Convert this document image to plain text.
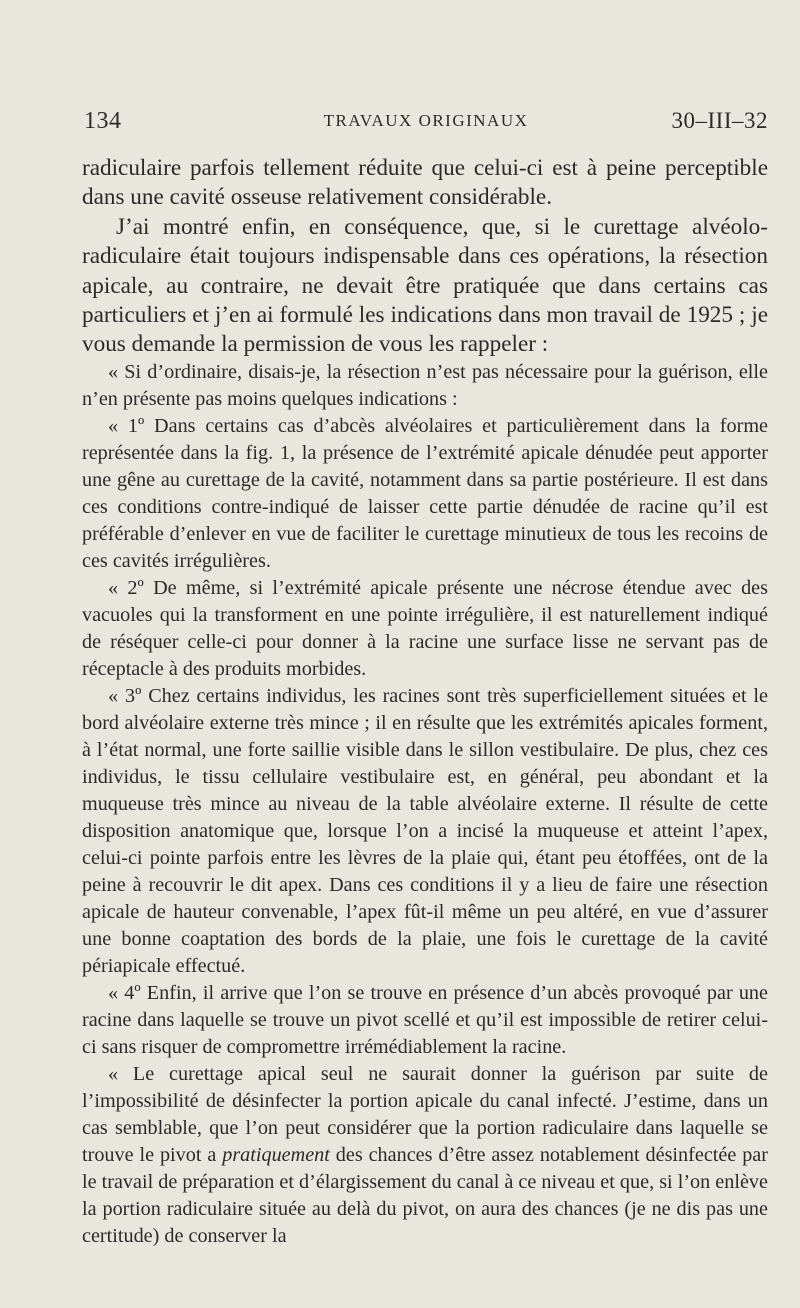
134	TRAVAUX ORIGINAUX	30–III–32

radiculaire parfois tellement réduite que celui-ci est à peine perceptible dans une cavité osseuse relativement considérable.

J’ai montré enfin, en conséquence, que, si le curettage alvéolo-radiculaire était toujours indispensable dans ces opérations, la résection apicale, au contraire, ne devait être pratiquée que dans certains cas particuliers et j’en ai formulé les indications dans mon travail de 1925 ; je vous demande la permission de vous les rappeler :

« Si d’ordinaire, disais-je, la résection n’est pas nécessaire pour la guérison, elle n’en présente pas moins quelques indications :

« 1º Dans certains cas d’abcès alvéolaires et particulièrement dans la forme représentée dans la fig. 1, la présence de l’extrémité apicale dénudée peut apporter une gêne au curettage de la cavité, notamment dans sa partie postérieure. Il est dans ces conditions contre-indiqué de laisser cette partie dénudée de racine qu’il est préférable d’enlever en vue de faciliter le curettage minutieux de tous les recoins de ces cavités irrégulières.

« 2º De même, si l’extrémité apicale présente une nécrose étendue avec des vacuoles qui la transforment en une pointe irrégulière, il est naturellement indiqué de réséquer celle-ci pour donner à la racine une surface lisse ne servant pas de réceptacle à des produits morbides.

« 3º Chez certains individus, les racines sont très superficiellement situées et le bord alvéolaire externe très mince ; il en résulte que les extrémités apicales forment, à l’état normal, une forte saillie visible dans le sillon vestibulaire. De plus, chez ces individus, le tissu cellulaire vestibulaire est, en général, peu abondant et la muqueuse très mince au niveau de la table alvéolaire externe. Il résulte de cette disposition anatomique que, lorsque l’on a incisé la muqueuse et atteint l’apex, celui-ci pointe parfois entre les lèvres de la plaie qui, étant peu étoffées, ont de la peine à recouvrir le dit apex. Dans ces conditions il y a lieu de faire une résection apicale de hauteur convenable, l’apex fût-il même un peu altéré, en vue d’assurer une bonne coaptation des bords de la plaie, une fois le curettage de la cavité périapicale effectué.

« 4º Enfin, il arrive que l’on se trouve en présence d’un abcès provoqué par une racine dans laquelle se trouve un pivot scellé et qu’il est impossible de retirer celui-ci sans risquer de compromettre irrémédiablement la racine.

« Le curettage apical seul ne saurait donner la guérison par suite de l’impossibilité de désinfecter la portion apicale du canal infecté. J’estime, dans un cas semblable, que l’on peut considérer que la portion radiculaire dans laquelle se trouve le pivot a pratiquement des chances d’être assez notablement désinfectée par le travail de préparation et d’élargissement du canal à ce niveau et que, si l’on enlève la portion radiculaire située au delà du pivot, on aura des chances (je ne dis pas une certitude) de conserver la
